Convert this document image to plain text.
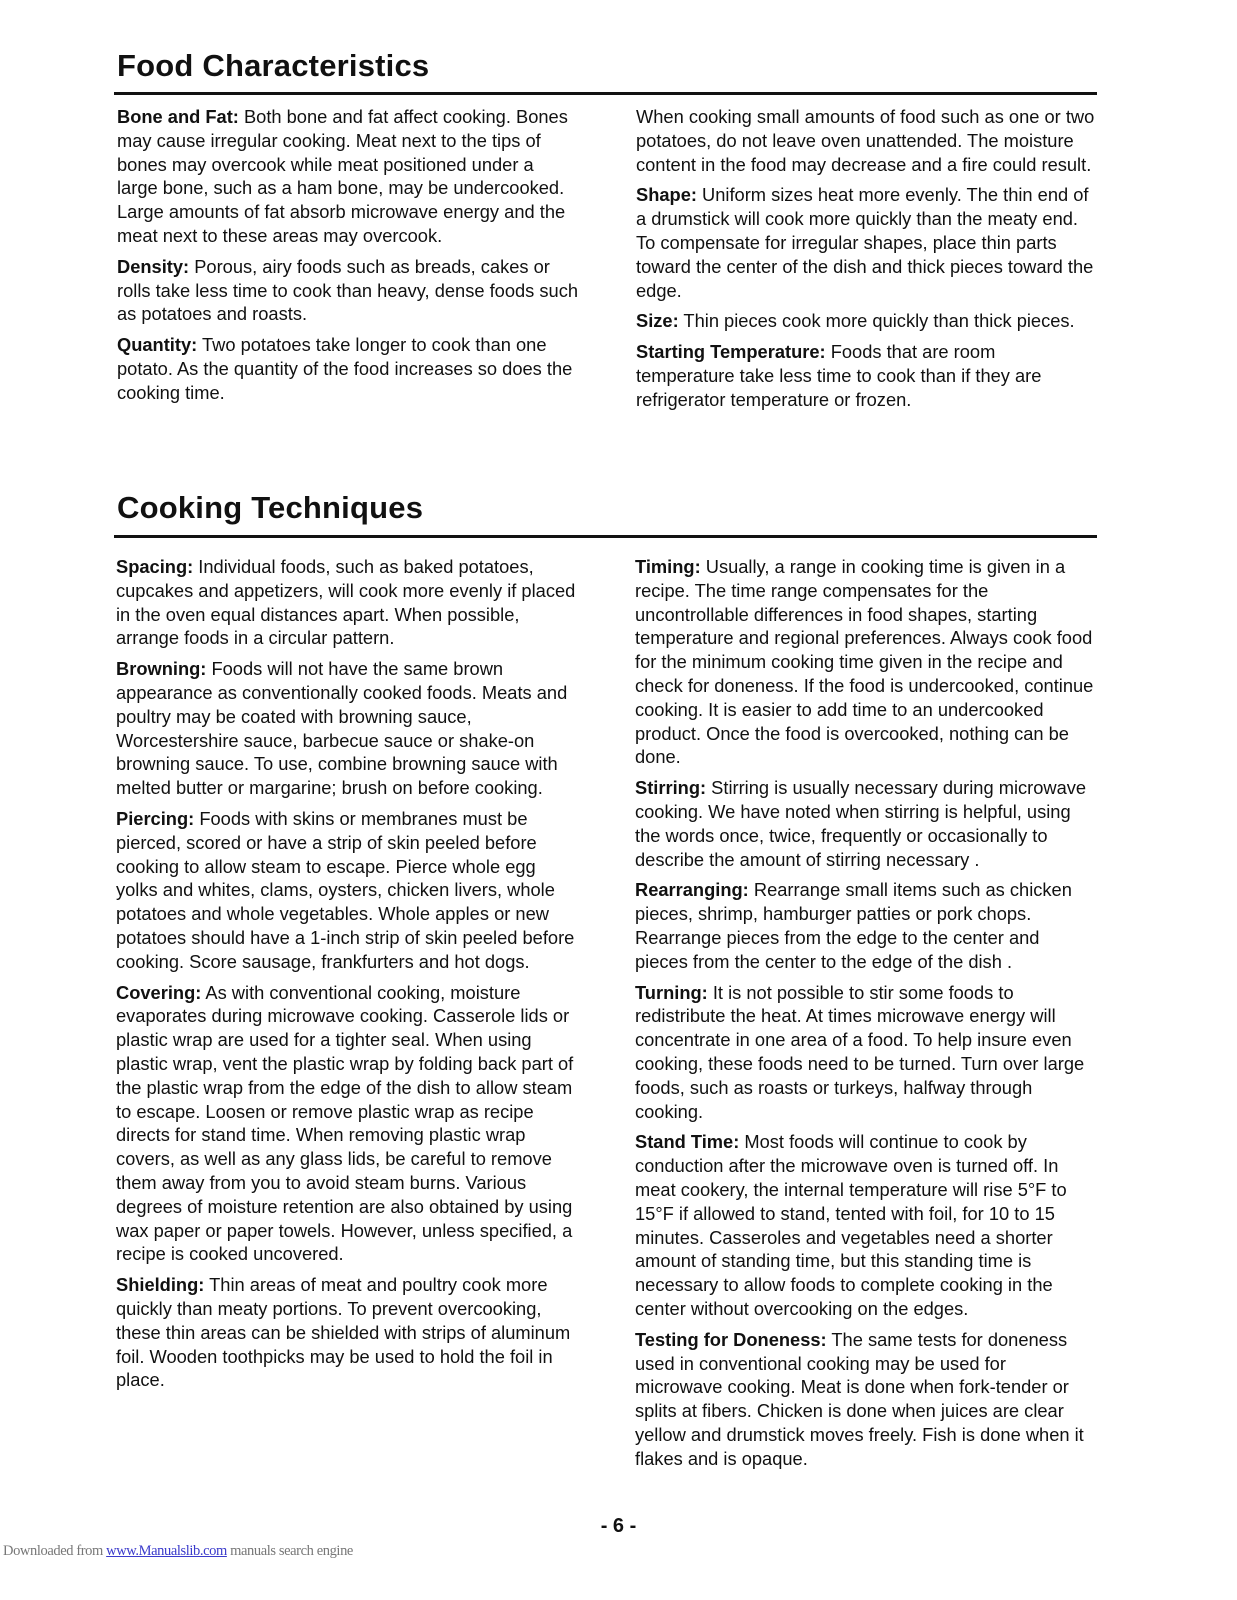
Food Characteristics

Bone and Fat: Both bone and fat affect cooking. Bones may cause irregular cooking. Meat next to the tips of bones may overcook while meat positioned under a large bone, such as a ham bone, may be undercooked. Large amounts of fat absorb microwave energy and the meat next to these areas may overcook.

Density: Porous, airy foods such as breads, cakes or rolls take less time to cook than heavy, dense foods such as potatoes and roasts.

Quantity: Two potatoes take longer to cook than one potato. As the quantity of the food increases so does the cooking time.

When cooking small amounts of food such as one or two potatoes, do not leave oven unattended. The moisture content in the food may decrease and a fire could result.

Shape: Uniform sizes heat more evenly. The thin end of a drumstick will cook more quickly than the meaty end. To compensate for irregular shapes, place thin parts toward the center of the dish and thick pieces toward the edge.

Size: Thin pieces cook more quickly than thick pieces.

Starting Temperature: Foods that are room temperature take less time to cook than if they are refrigerator temperature or frozen.

Cooking Techniques

Spacing: Individual foods, such as baked potatoes, cupcakes and appetizers, will cook more evenly if placed in the oven equal distances apart. When possible, arrange foods in a circular pattern.

Browning: Foods will not have the same brown appearance as conventionally cooked foods. Meats and poultry may be coated with browning sauce, Worcestershire sauce, barbecue sauce or shake-on browning sauce. To use, combine browning sauce with melted butter or margarine; brush on before cooking.

Piercing: Foods with skins or membranes must be pierced, scored or have a strip of skin peeled before cooking to allow steam to escape. Pierce whole egg yolks and whites, clams, oysters, chicken livers, whole potatoes and whole vegetables. Whole apples or new potatoes should have a 1-inch strip of skin peeled before cooking. Score sausage, frankfurters and hot dogs.

Covering: As with conventional cooking, moisture evaporates during microwave cooking. Casserole lids or plastic wrap are used for a tighter seal. When using plastic wrap, vent the plastic wrap by folding back part of the plastic wrap from the edge of the dish to allow steam to escape. Loosen or remove plastic wrap as recipe directs for stand time. When removing plastic wrap covers, as well as any glass lids, be careful to remove them away from you to avoid steam burns. Various degrees of moisture retention are also obtained by using wax paper or paper towels. However, unless specified, a recipe is cooked uncovered.

Shielding: Thin areas of meat and poultry cook more quickly than meaty portions. To prevent overcooking, these thin areas can be shielded with strips of aluminum foil. Wooden toothpicks may be used to hold the foil in place.

Timing: Usually, a range in cooking time is given in a recipe. The time range compensates for the uncontrollable differences in food shapes, starting temperature and regional preferences. Always cook food for the minimum cooking time given in the recipe and check for doneness. If the food is undercooked, continue cooking. It is easier to add time to an undercooked product. Once the food is overcooked, nothing can be done.

Stirring: Stirring is usually necessary during microwave cooking. We have noted when stirring is helpful, using the words once, twice, frequently or occasionally to describe the amount of stirring necessary .

Rearranging: Rearrange small items such as chicken pieces, shrimp, hamburger patties or pork chops. Rearrange pieces from the edge to the center and pieces from the center to the edge of the dish .

Turning: It is not possible to stir some foods to redistribute the heat. At times microwave energy will concentrate in one area of a food. To help insure even cooking, these foods need to be turned. Turn over large foods, such as roasts or turkeys, halfway through cooking.

Stand Time: Most foods will continue to cook by conduction after the microwave oven is turned off. In meat cookery, the internal temperature will rise 5°F to 15°F if allowed to stand, tented with foil, for 10 to 15 minutes. Casseroles and vegetables need a shorter amount of standing time, but this standing time is necessary to allow foods to complete cooking in the center without overcooking on the edges.

Testing for Doneness: The same tests for doneness used in conventional cooking may be used for microwave cooking. Meat is done when fork-tender or splits at fibers. Chicken is done when juices are clear yellow and drumstick moves freely. Fish is done when it flakes and is opaque.

- 6 -
Downloaded from www.Manualslib.com manuals search engine
